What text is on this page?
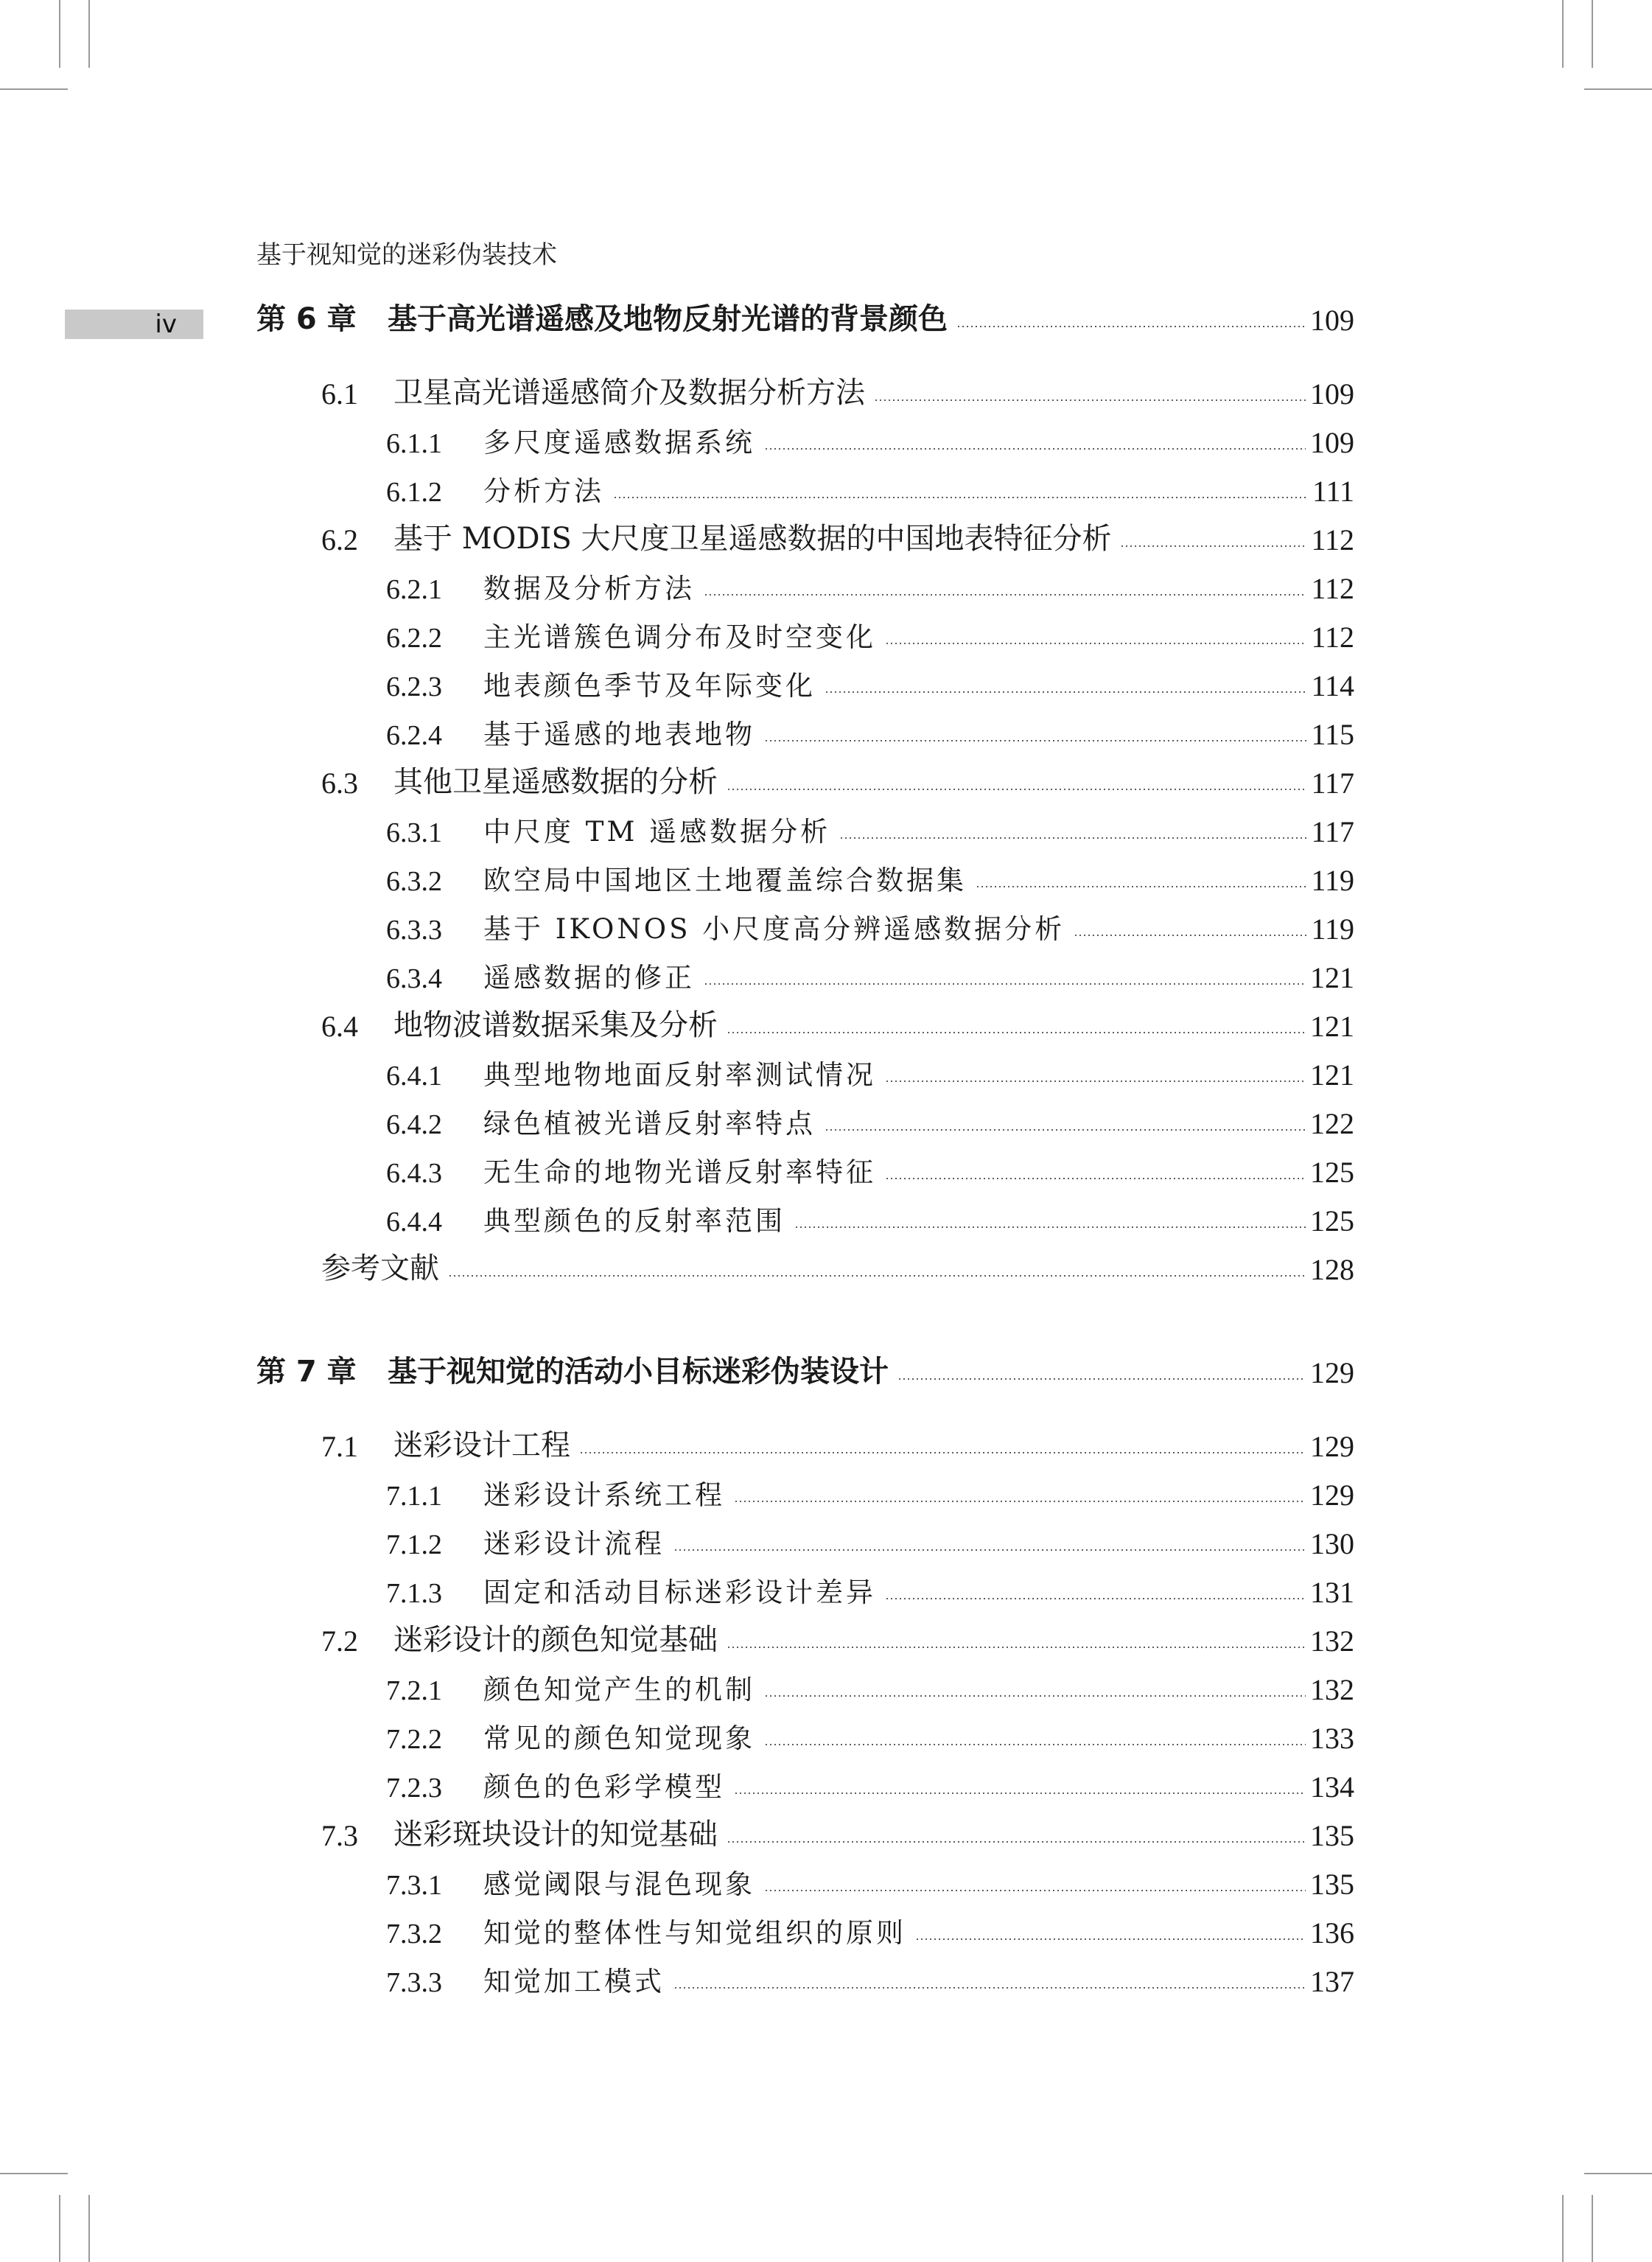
基于视知觉的迷彩伪装技术
iv	第 6 章	基于高光谱遥感及地物反射光谱的背景颜色	109
6.1	卫星高光谱遥感简介及数据分析方法	109
6.1.1	多尺度遥感数据系统	109
6.1.2	分析方法	111
6.2	基于 MODIS 大尺度卫星遥感数据的中国地表特征分析	112
6.2.1	数据及分析方法	112
6.2.2	主光谱簇色调分布及时空变化	112
6.2.3	地表颜色季节及年际变化	114
6.2.4	基于遥感的地表地物	115
6.3	其他卫星遥感数据的分析	117
6.3.1	中尺度 TM 遥感数据分析	117
6.3.2	欧空局中国地区土地覆盖综合数据集	119
6.3.3	基于 IKONOS 小尺度高分辨遥感数据分析	119
6.3.4	遥感数据的修正	121
6.4	地物波谱数据采集及分析	121
6.4.1	典型地物地面反射率测试情况	121
6.4.2	绿色植被光谱反射率特点	122
6.4.3	无生命的地物光谱反射率特征	125
6.4.4	典型颜色的反射率范围	125
参考文献	128
第 7 章	基于视知觉的活动小目标迷彩伪装设计	129
7.1	迷彩设计工程	129
7.1.1	迷彩设计系统工程	129
7.1.2	迷彩设计流程	130
7.1.3	固定和活动目标迷彩设计差异	131
7.2	迷彩设计的颜色知觉基础	132
7.2.1	颜色知觉产生的机制	132
7.2.2	常见的颜色知觉现象	133
7.2.3	颜色的色彩学模型	134
7.3	迷彩斑块设计的知觉基础	135
7.3.1	感觉阈限与混色现象	135
7.3.2	知觉的整体性与知觉组织的原则	136
7.3.3	知觉加工模式	137
